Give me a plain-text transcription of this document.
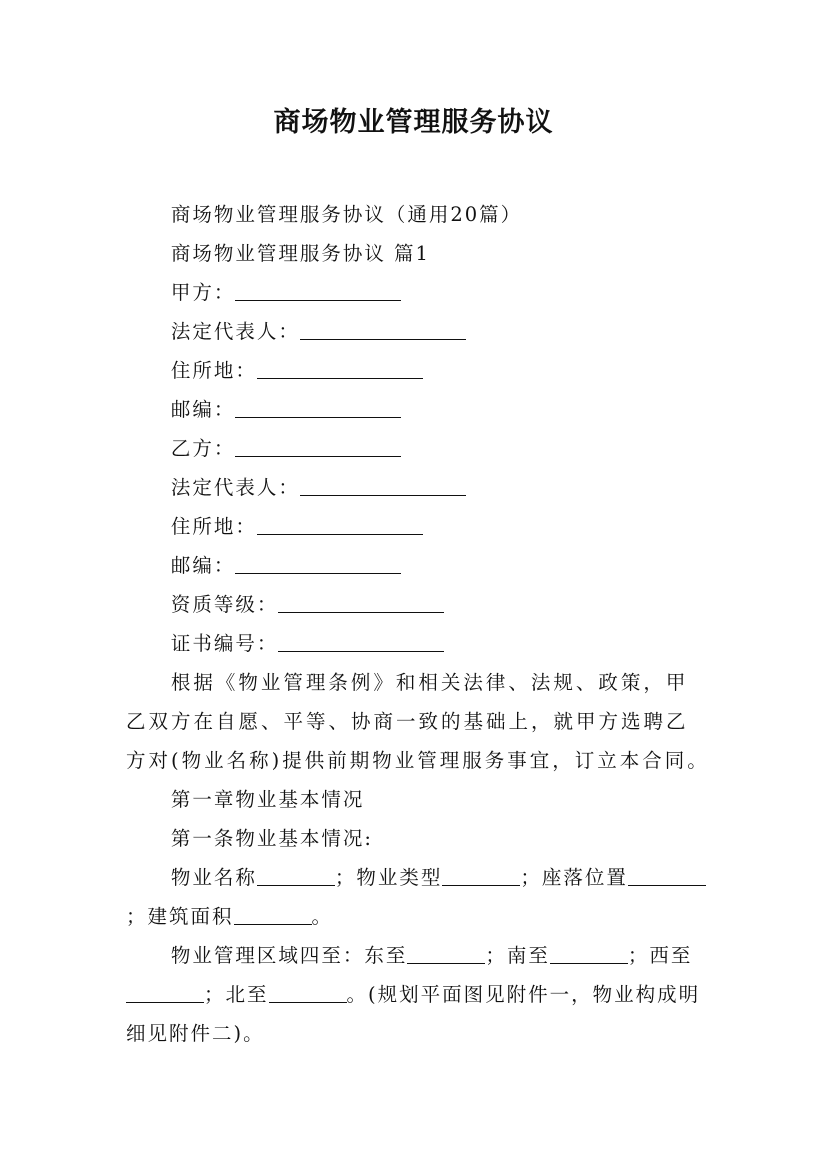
商场物业管理服务协议

商场物业管理服务协议（通用20篇）

商场物业管理服务协议 篇1

甲方：

法定代表人：

住所地：

邮编：

乙方：

法定代表人：

住所地：

邮编：

资质等级：

证书编号：

根据《物业管理条例》和相关法律、法规、政策，甲乙双方在自愿、平等、协商一致的基础上，就甲方选聘乙方对(物业名称)提供前期物业管理服务事宜，订立本合同。

第一章物业基本情况

第一条物业基本情况:

物业名称	；物业类型	；座落位置；建筑面积	。

物业管理区域四至：东至	；南至	；西至；北至	。(规划平面图见附件一，物业构成明细见附件二)。
